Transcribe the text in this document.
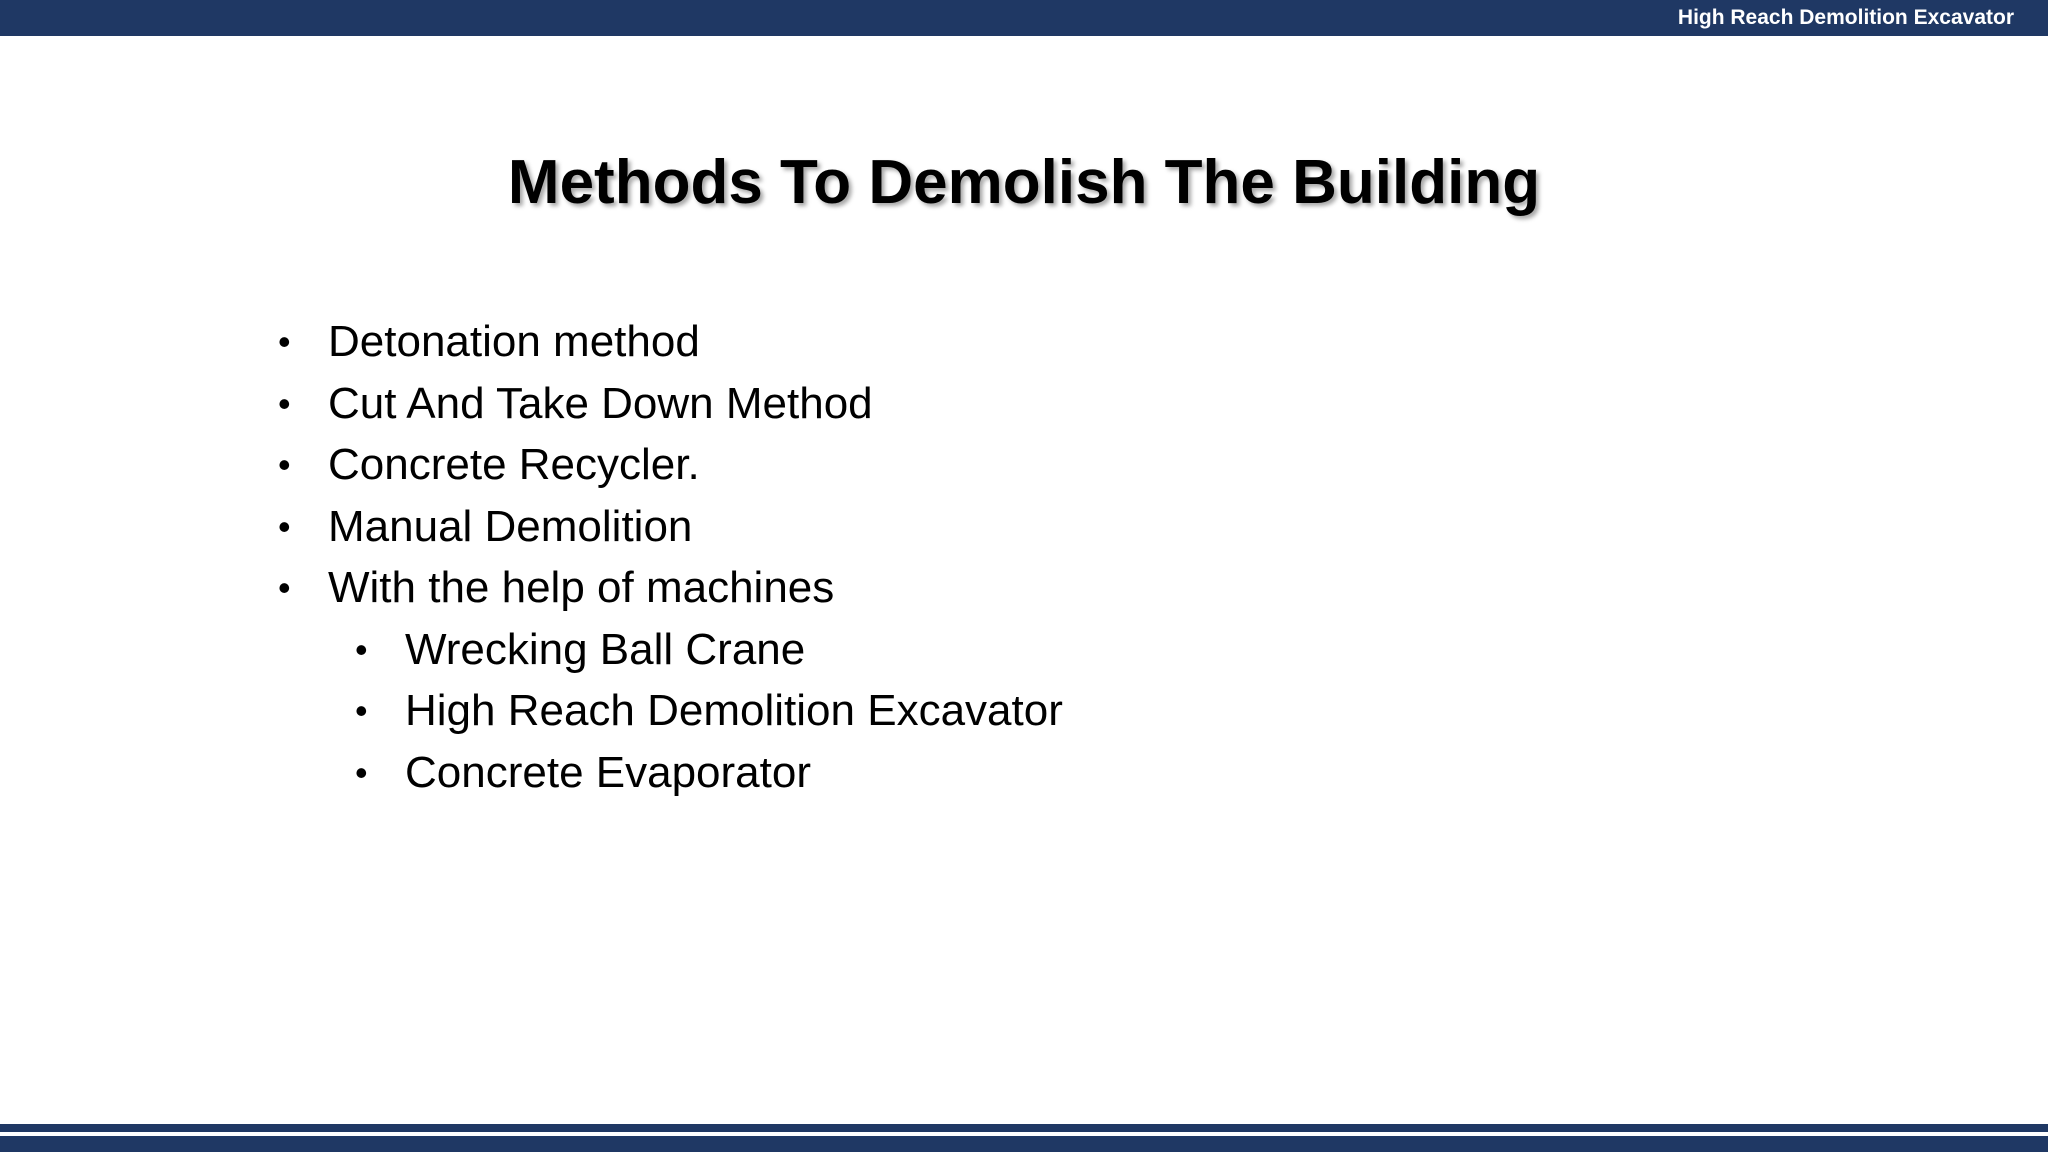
High Reach Demolition Excavator
Methods To Demolish The Building
• Detonation method
• Cut And Take Down Method
• Concrete Recycler.
• Manual Demolition
• With the help of machines
• Wrecking Ball Crane
• High Reach Demolition Excavator
• Concrete Evaporator
